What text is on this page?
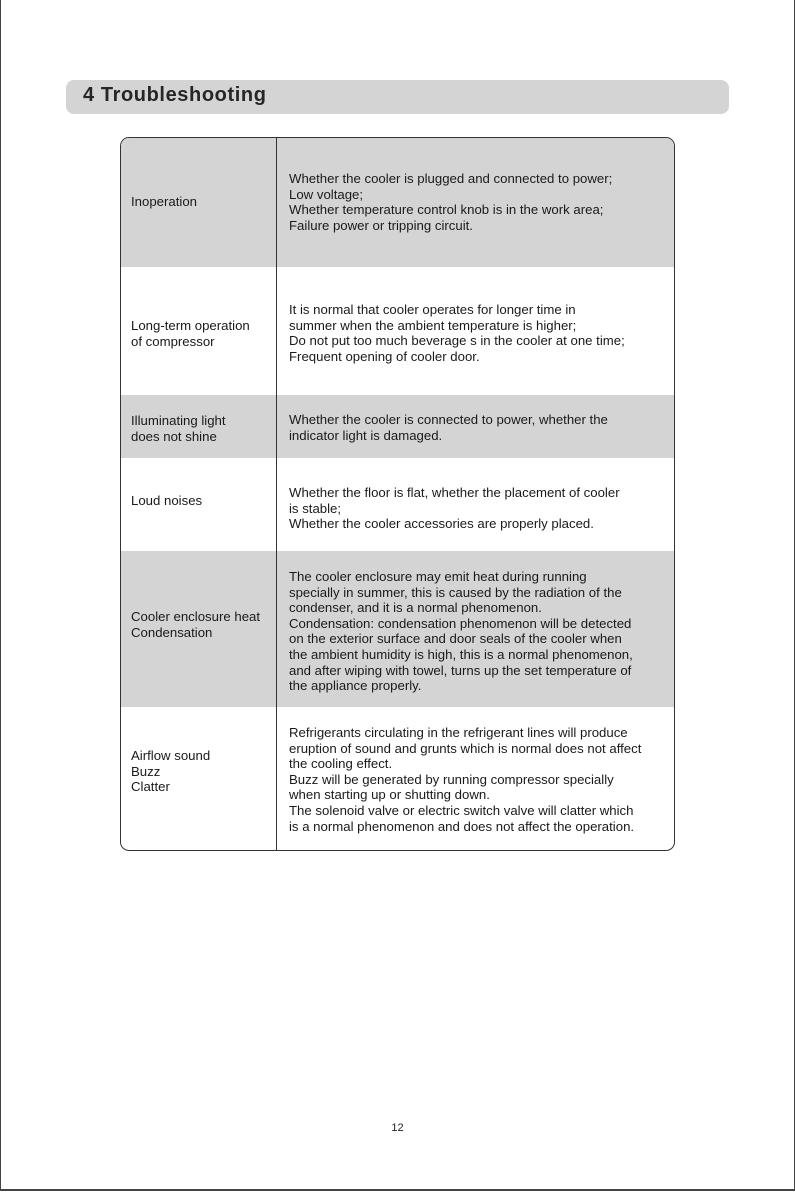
4 Troubleshooting
Inoperation
Whether the cooler is plugged and connected to power;
Low voltage;
Whether temperature control knob is in the work area;
Failure power or tripping circuit.
Long-term operation
of compressor
It is normal that cooler operates for longer time in
summer when the ambient temperature is higher;
Do not put too much beverage s in the cooler at one time;
Frequent opening of cooler door.
Illuminating light
does not shine
Whether the cooler is connected to power, whether the
indicator light is damaged.
Loud noises
Whether the floor is flat, whether the placement of cooler
is stable;
Whether the cooler accessories are properly placed.
Cooler enclosure heat
Condensation
The cooler enclosure may emit heat during running
specially in summer, this is caused by the radiation of the
condenser, and it is a normal phenomenon.
Condensation: condensation phenomenon will be detected
on the exterior surface and door seals of the cooler when
the ambient humidity is high, this is a normal phenomenon,
and after wiping with towel, turns up the set temperature of
the appliance properly.
Airflow sound
Buzz
Clatter
Refrigerants circulating in the refrigerant lines will produce
eruption of sound and grunts which is normal does not affect
the cooling effect.
Buzz will be generated by running compressor specially
when starting up or shutting down.
The solenoid valve or electric switch valve will clatter which
is a normal phenomenon and does not affect the operation.
12
